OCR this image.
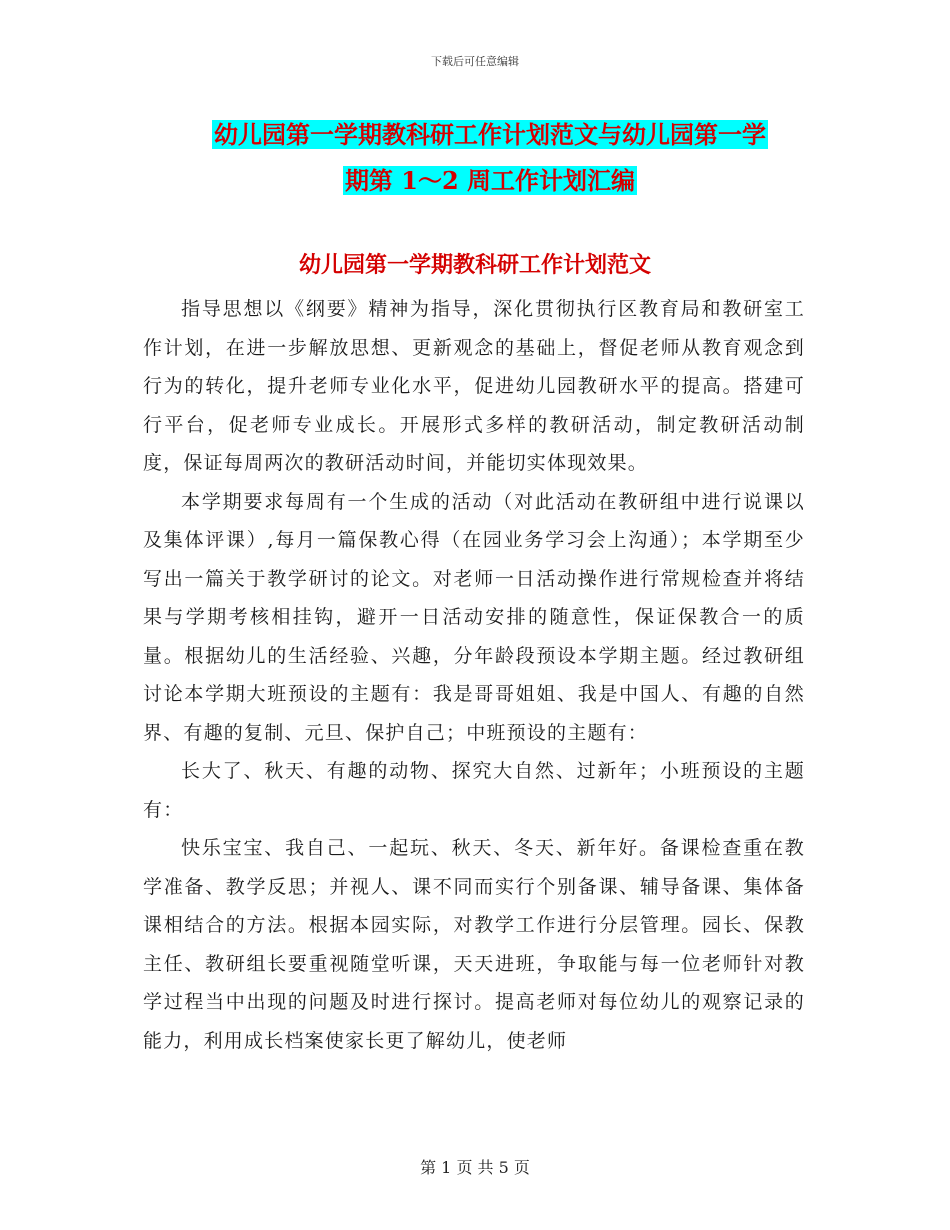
下载后可任意编辑
幼儿园第一学期教科研工作计划范文与幼儿园第一学
期第 1～2 周工作计划汇编
幼儿园第一学期教科研工作计划范文

指导思想以《纲要》精神为指导，深化贯彻执行区教育局和教研室工作计划，在进一步解放思想、更新观念的基础上，督促老师从教育观念到行为的转化，提升老师专业化水平，促进幼儿园教研水平的提高。搭建可行平台，促老师专业成长。开展形式多样的教研活动，制定教研活动制度，保证每周两次的教研活动时间，并能切实体现效果。

本学期要求每周有一个生成的活动（对此活动在教研组中进行说课以及集体评课）,每月一篇保教心得（在园业务学习会上沟通）；本学期至少写出一篇关于教学研讨的论文。对老师一日活动操作进行常规检查并将结果与学期考核相挂钩，避开一日活动安排的随意性，保证保教合一的质量。根据幼儿的生活经验、兴趣，分年龄段预设本学期主题。经过教研组讨论本学期大班预设的主题有：我是哥哥姐姐、我是中国人、有趣的自然界、有趣的复制、元旦、保护自己；中班预设的主题有：

长大了、秋天、有趣的动物、探究大自然、过新年；小班预设的主题有：

快乐宝宝、我自己、一起玩、秋天、冬天、新年好。备课检查重在教学准备、教学反思；并视人、课不同而实行个别备课、辅导备课、集体备课相结合的方法。根据本园实际，对教学工作进行分层管理。园长、保教主任、教研组长要重视随堂听课，天天进班，争取能与每一位老师针对教学过程当中出现的问题及时进行探讨。提高老师对每位幼儿的观察记录的能力，利用成长档案使家长更了解幼儿，使老师

第 1 页 共 5 页
